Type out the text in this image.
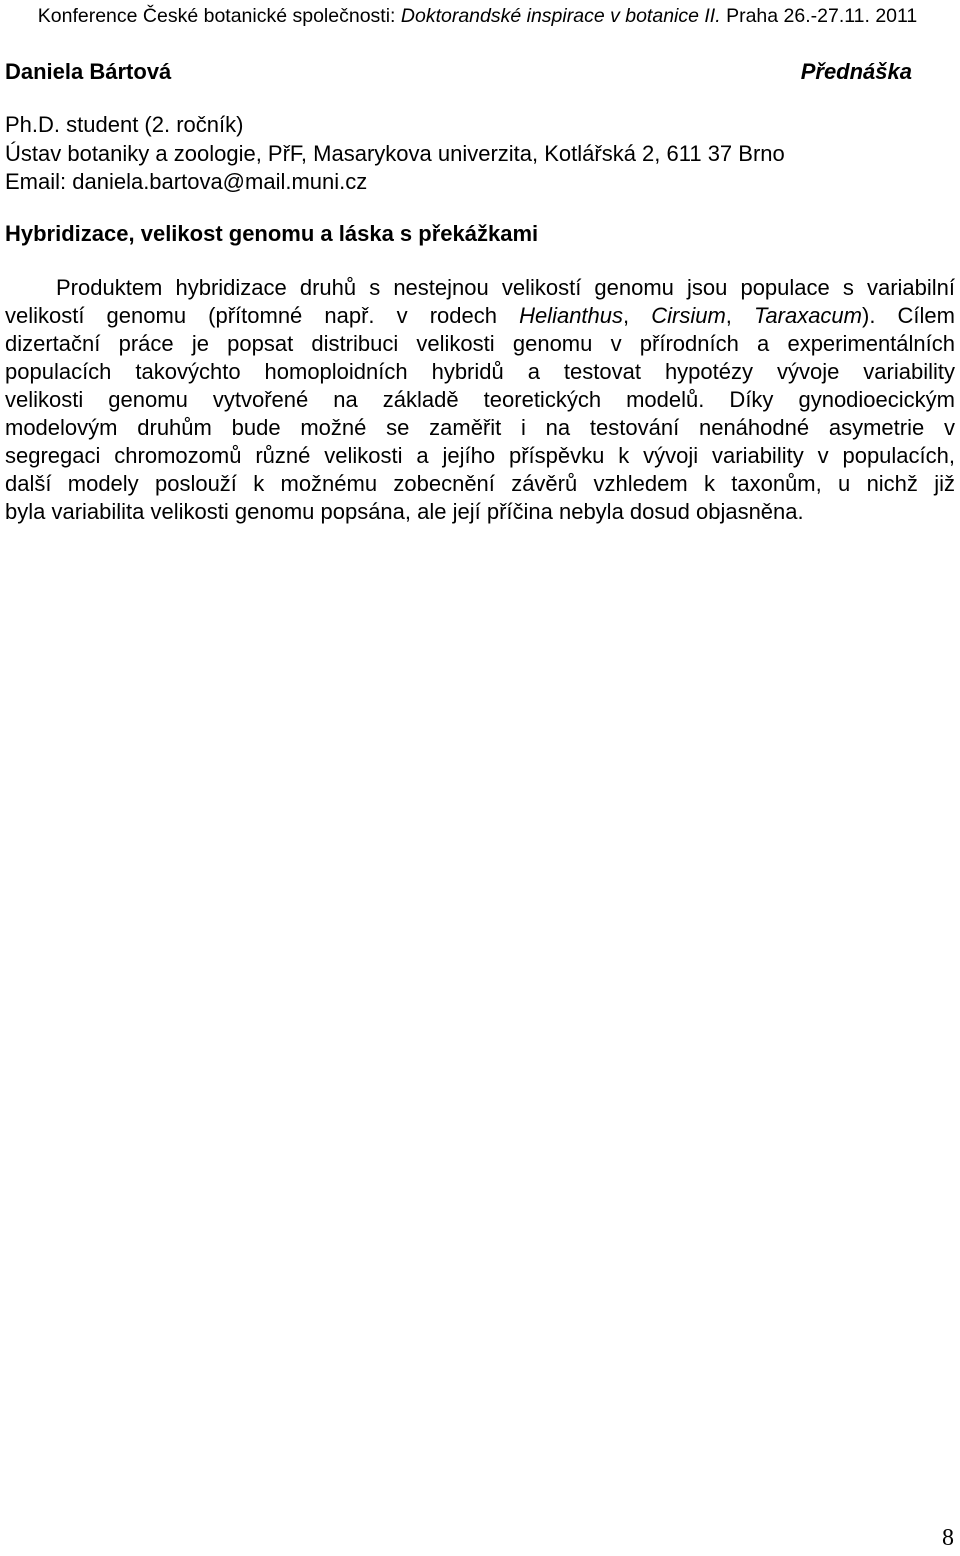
Konference České botanické společnosti: Doktorandské inspirace v botanice II. Praha 26.-27.11. 2011
Daniela Bártová	Přednáška
Ph.D. student (2. ročník)
Ústav botaniky a zoologie, PřF, Masarykova univerzita, Kotlářská 2, 611 37 Brno
Email: daniela.bartova@mail.muni.cz
Hybridizace, velikost genomu a láska s překážkami
Produktem hybridizace druhů s nestejnou velikostí genomu jsou populace s variabilní
velikostí genomu (přítomné např. v rodech Helianthus, Cirsium, Taraxacum). Cílem
dizertační práce je popsat distribuci velikosti genomu v přírodních a experimentálních
populacích takovýchto homoploidních hybridů a testovat hypotézy vývoje variability
velikosti genomu vytvořené na základě teoretických modelů. Díky gynodioecickým
modelovým druhům bude možné se zaměřit i na testování nenáhodné asymetrie v
segregaci chromozomů různé velikosti a jejího příspěvku k vývoji variability v populacích,
další modely poslouží k možnému zobecnění závěrů vzhledem k taxonům, u nichž již
byla variabilita velikosti genomu popsána, ale její příčina nebyla dosud objasněna.
8
